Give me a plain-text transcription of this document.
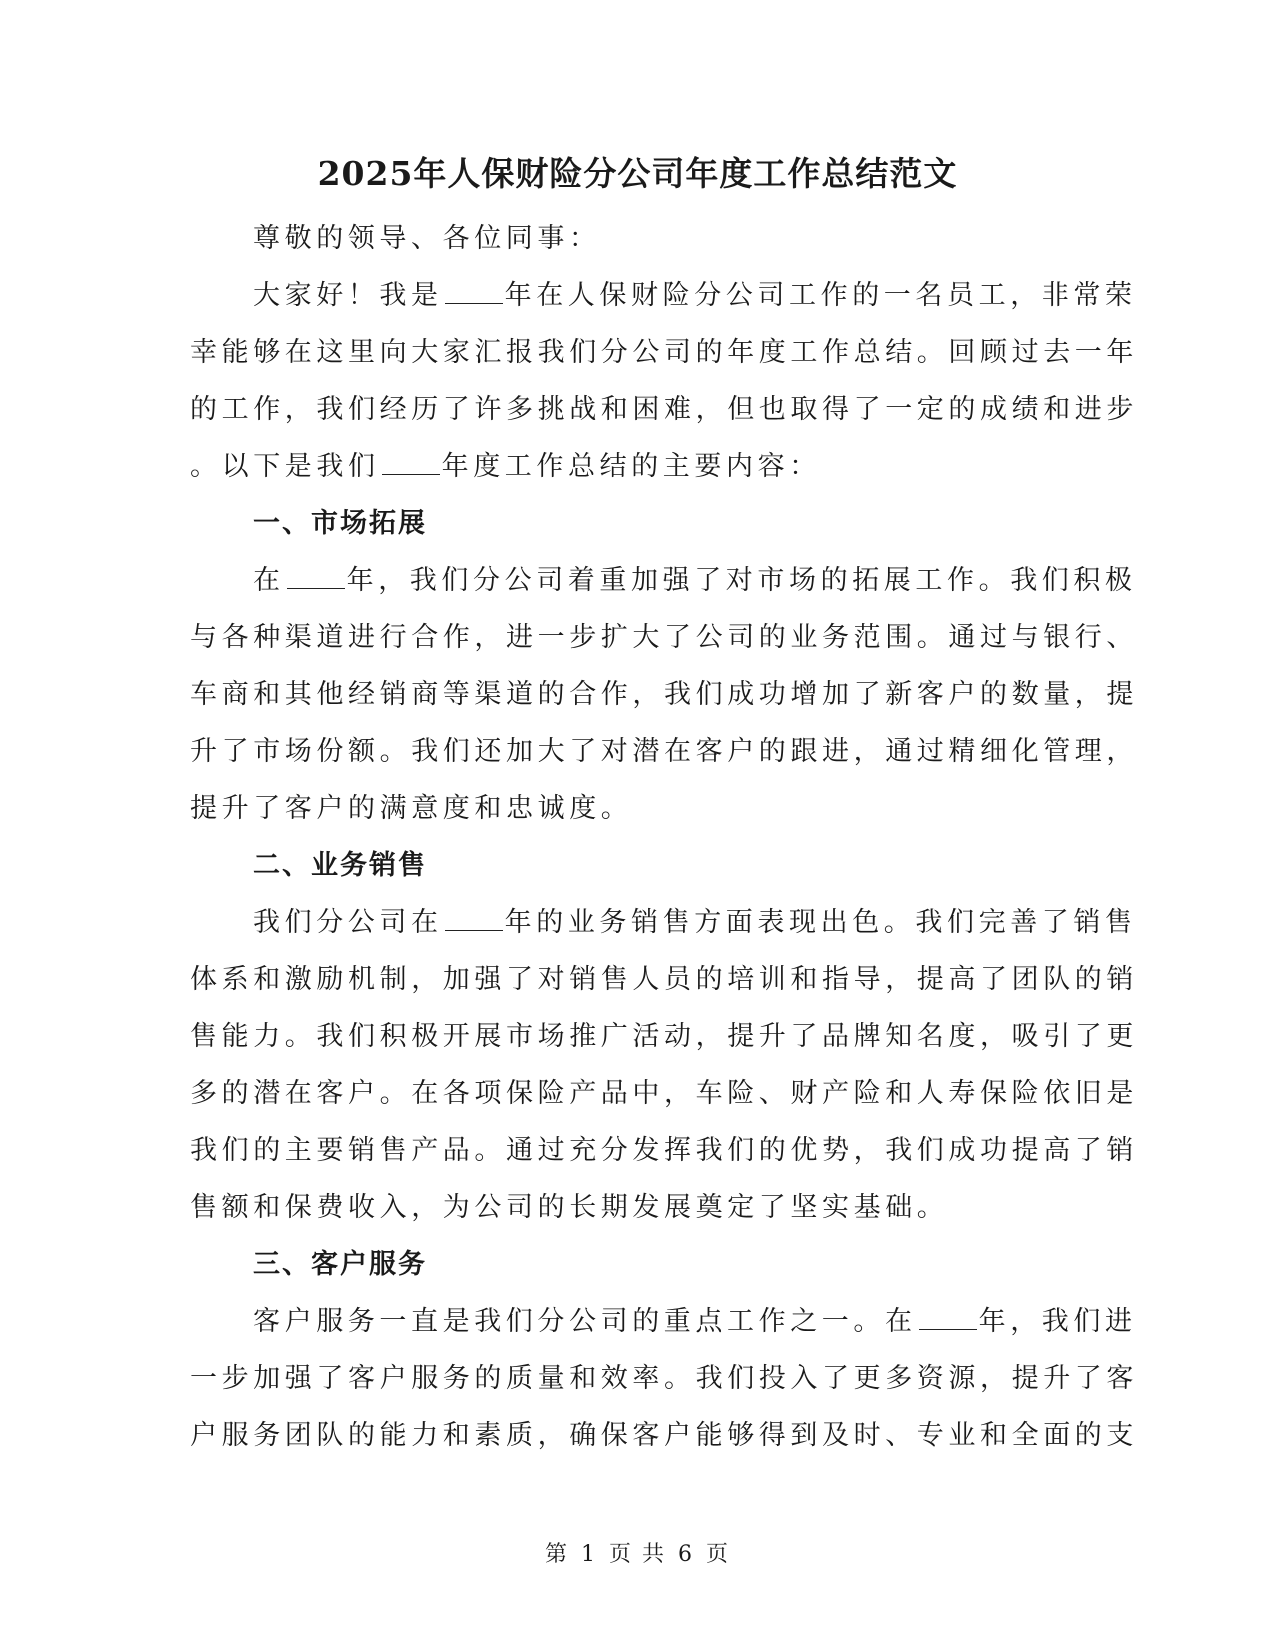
2025年人保财险分公司年度工作总结范文
尊敬的领导、各位同事：
大家好！我是 年在人保财险分公司工作的一名员工，非常荣
幸能够在这里向大家汇报我们分公司的年度工作总结。回顾过去一年
的工作，我们经历了许多挑战和困难，但也取得了一定的成绩和进步
。以下是我们 年度工作总结的主要内容：
一、市场拓展
在 年，我们分公司着重加强了对市场的拓展工作。我们积极
与各种渠道进行合作，进一步扩大了公司的业务范围。通过与银行、
车商和其他经销商等渠道的合作，我们成功增加了新客户的数量，提
升了市场份额。我们还加大了对潜在客户的跟进，通过精细化管理，
提升了客户的满意度和忠诚度。
二、业务销售
我们分公司在 年的业务销售方面表现出色。我们完善了销售
体系和激励机制，加强了对销售人员的培训和指导，提高了团队的销
售能力。我们积极开展市场推广活动，提升了品牌知名度，吸引了更
多的潜在客户。在各项保险产品中，车险、财产险和人寿保险依旧是
我们的主要销售产品。通过充分发挥我们的优势，我们成功提高了销
售额和保费收入，为公司的长期发展奠定了坚实基础。
三、客户服务
客户服务一直是我们分公司的重点工作之一。在 年，我们进
一步加强了客户服务的质量和效率。我们投入了更多资源，提升了客
户服务团队的能力和素质，确保客户能够得到及时、专业和全面的支
第 1 页 共 6 页
